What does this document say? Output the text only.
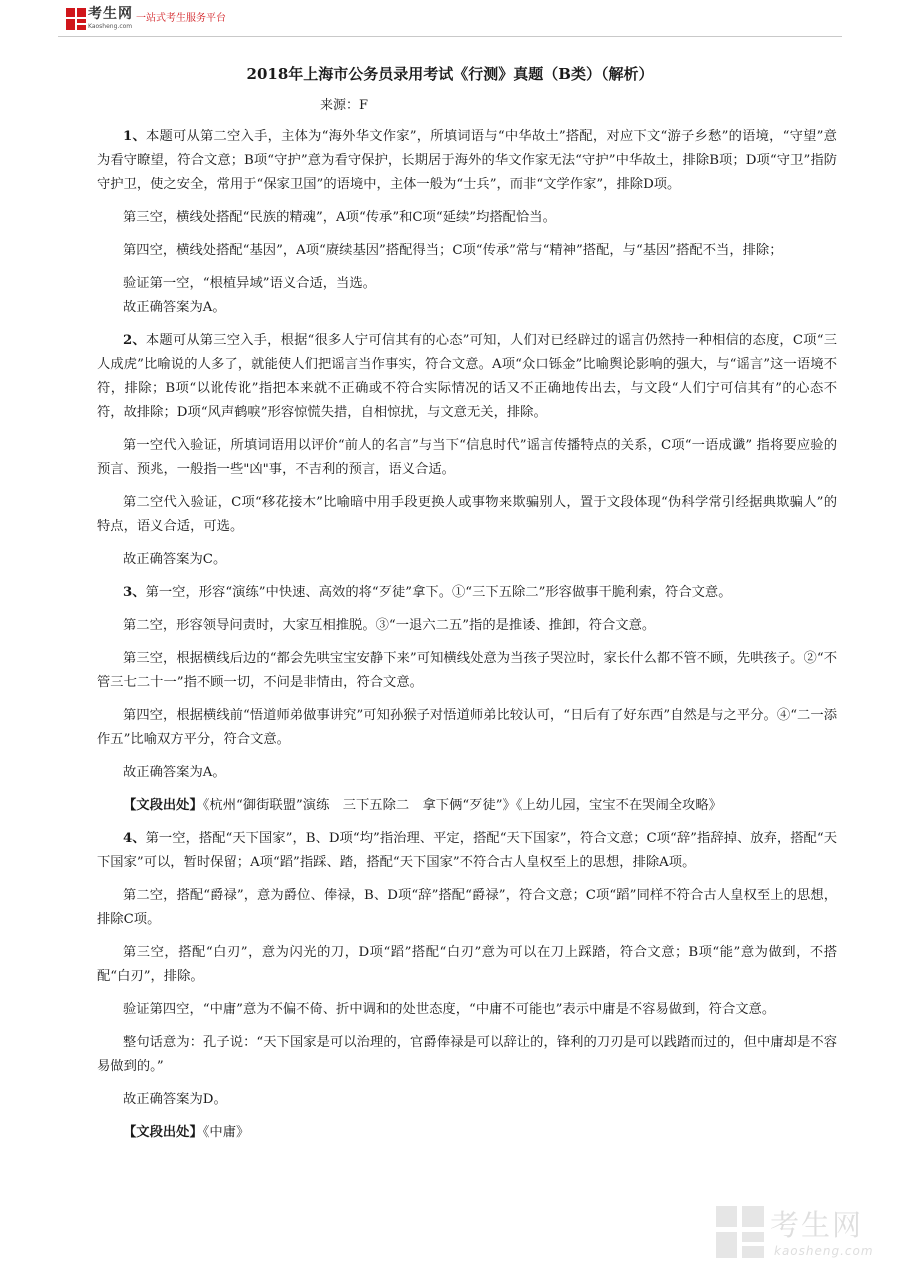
考生网
Kaosheng.com
一站式考生服务平台
2018年上海市公务员录用考试《行测》真题（B类）（解析）
来源：F

1、本题可从第二空入手，主体为“海外华文作家”，所填词语与“中华故土”搭配，对应下文“游子乡愁”的语境，“守望”意为看守瞭望，符合文意；B项“守护”意为看守保护，长期居于海外的华文作家无法“守护”中华故土，排除B项；D项“守卫”指防守护卫，使之安全，常用于“保家卫国”的语境中，主体一般为“士兵”，而非“文学作家”，排除D项。

第三空，横线处搭配“民族的精魂”，A项“传承”和C项“延续”均搭配恰当。

第四空，横线处搭配“基因”，A项“赓续基因”搭配得当；C项“传承”常与“精神”搭配，与“基因”搭配不当，排除；

验证第一空，“根植异域”语义合适，当选。

故正确答案为A。

2、本题可从第三空入手，根据“很多人宁可信其有的心态”可知，人们对已经辟过的谣言仍然持一种相信的态度，C项“三人成虎”比喻说的人多了，就能使人们把谣言当作事实，符合文意。A项“众口铄金”比喻舆论影响的强大，与“谣言”这一语境不符，排除；B项“以讹传讹”指把本来就不正确或不符合实际情况的话又不正确地传出去，与文段“人们宁可信其有”的心态不符，故排除；D项“风声鹤唳”形容惊慌失措，自相惊扰，与文意无关，排除。

第一空代入验证，所填词语用以评价“前人的名言”与当下“信息时代”谣言传播特点的关系，C项“一语成谶” 指将要应验的预言、预兆，一般指一些"凶"事，不吉利的预言，语义合适。

第二空代入验证，C项“移花接木”比喻暗中用手段更换人或事物来欺骗别人，置于文段体现“伪科学常引经据典欺骗人”的特点，语义合适，可选。

故正确答案为C。

3、第一空，形容“演练”中快速、高效的将“歹徒”拿下。①“三下五除二”形容做事干脆利索，符合文意。

第二空，形容领导问责时，大家互相推脱。③“一退六二五”指的是推诿、推卸，符合文意。

第三空，根据横线后边的“都会先哄宝宝安静下来”可知横线处意为当孩子哭泣时，家长什么都不管不顾，先哄孩子。②“不管三七二十一”指不顾一切，不问是非情由，符合文意。

第四空，根据横线前“悟道师弟做事讲究”可知孙猴子对悟道师弟比较认可，“日后有了好东西”自然是与之平分。④“二一添作五”比喻双方平分，符合文意。

故正确答案为A。

【文段出处】《杭州“御街联盟”演练　三下五除二　拿下俩“歹徒”》《上幼儿园，宝宝不在哭闹全攻略》

4、第一空，搭配“天下国家”，B、D项“均”指治理、平定，搭配“天下国家”，符合文意；C项“辞”指辞掉、放弃，搭配“天下国家”可以，暂时保留；A项“蹈”指踩、踏，搭配“天下国家”不符合古人皇权至上的思想，排除A项。

第二空，搭配“爵禄”，意为爵位、俸禄，B、D项“辞”搭配“爵禄”，符合文意；C项“蹈”同样不符合古人皇权至上的思想，排除C项。

第三空，搭配“白刃”，意为闪光的刀，D项“蹈”搭配“白刃”意为可以在刀上踩踏，符合文意；B项“能”意为做到，不搭配“白刃”，排除。

验证第四空，“中庸”意为不偏不倚、折中调和的处世态度，“中庸不可能也”表示中庸是不容易做到，符合文意。

整句话意为：孔子说：“天下国家是可以治理的，官爵俸禄是可以辞让的，锋利的刀刃是可以践踏而过的，但中庸却是不容易做到的。”

故正确答案为D。

【文段出处】《中庸》

考生网
kaosheng.com
